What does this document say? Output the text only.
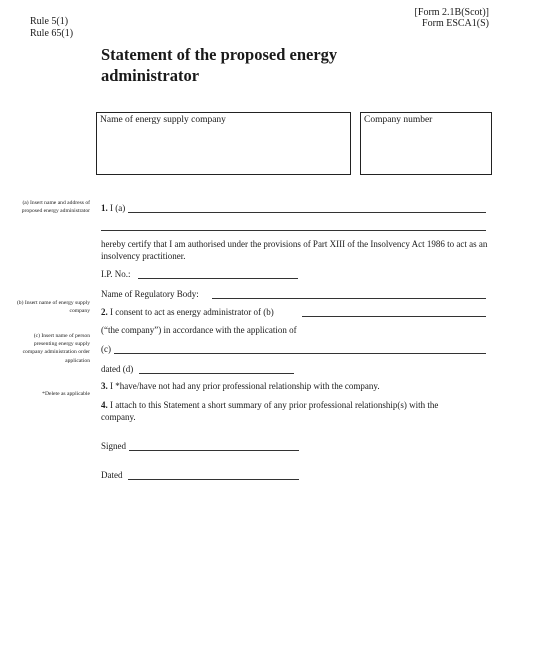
Rule 5(1)
Rule 65(1)
[Form 2.1B(Scot)]
Form ESCA1(S)
Statement of the proposed energy
administrator
Name of energy supply company	Company number
(a) Insert name and address of proposed energy administrator
(b) Insert name of energy supply company
(c) Insert name of person presenting energy supply company administration order application
*Delete as applicable
1. I (a)
hereby certify that I am authorised under the provisions of Part XIII of the Insolvency Act 1986 to act as an insolvency practitioner.
I.P. No.:
Name of Regulatory Body:
2. I consent to act as energy administrator of (b)
(“the company”) in accordance with the application of
(c)
dated (d)
3. I *have/have not had any prior professional relationship with the company.
4. I attach to this Statement a short summary of any prior professional relationship(s) with the company.
Signed
Dated
